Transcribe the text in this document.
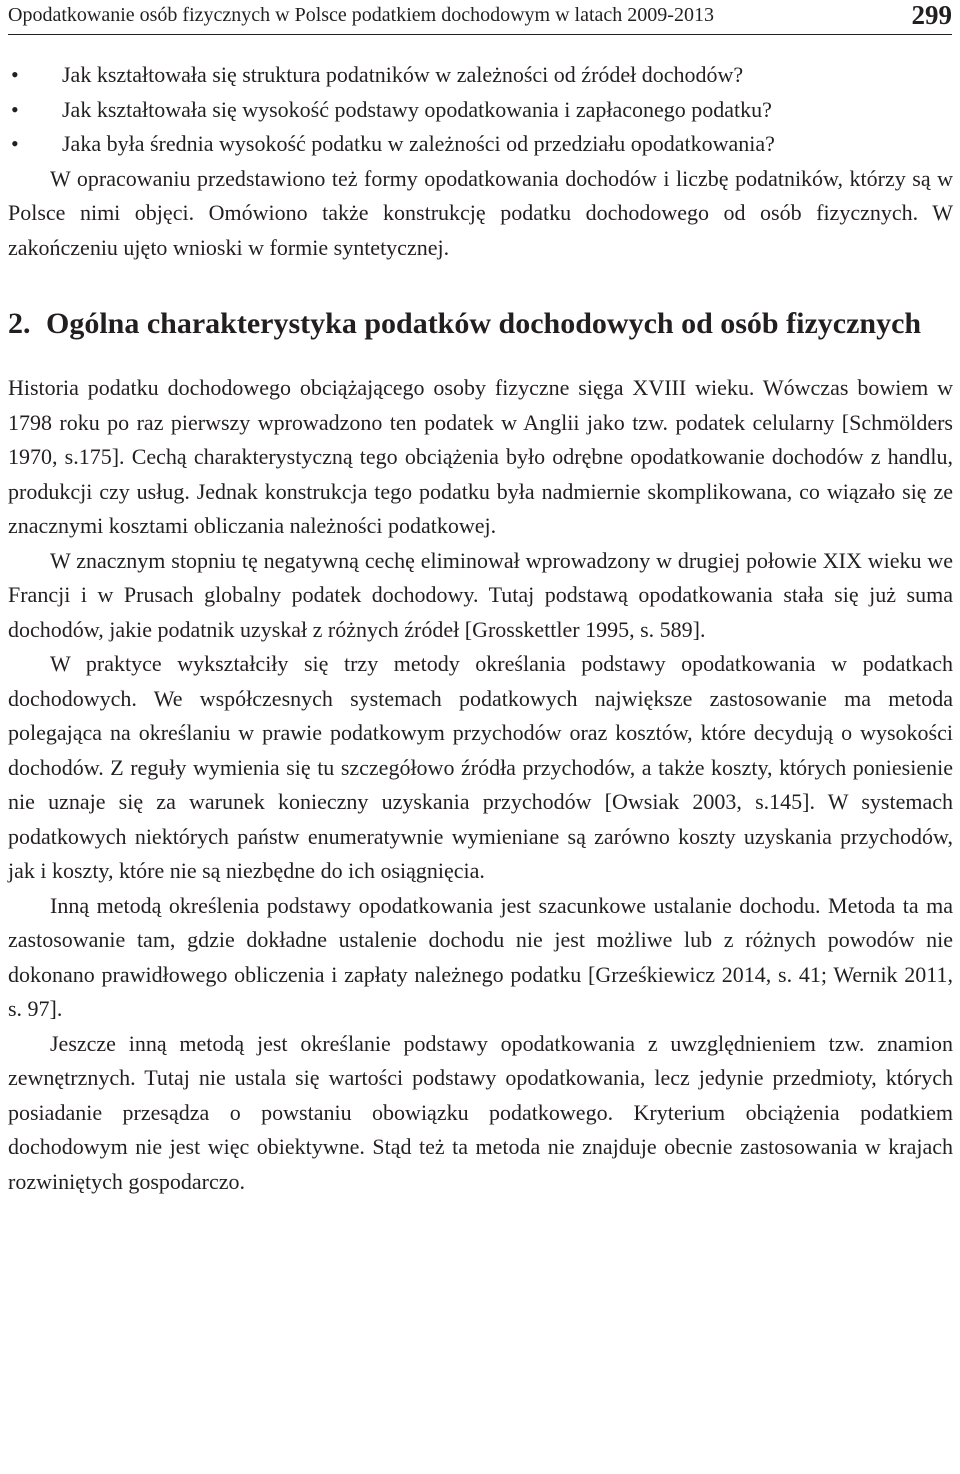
Opodatkowanie osób fizycznych w Polsce podatkiem dochodowym w latach 2009-2013	299
• Jak kształtowała się struktura podatników w zależności od źródeł dochodów?
• Jak kształtowała się wysokość podstawy opodatkowania i zapłaconego podatku?
• Jaka była średnia wysokość podatku w zależności od przedziału opodatkowania?

W opracowaniu przedstawiono też formy opodatkowania dochodów i liczbę podatników, którzy są w Polsce nimi objęci. Omówiono także konstrukcję podatku dochodowego od osób fizycznych. W zakończeniu ujęto wnioski w formie syntetycznej.

2. Ogólna charakterystyka podatków dochodowych od osób fizycznych

Historia podatku dochodowego obciążającego osoby fizyczne sięga XVIII wieku. Wówczas bowiem w 1798 roku po raz pierwszy wprowadzono ten podatek w Anglii jako tzw. podatek celularny [Schmölders 1970, s.175]. Cechą charakterystyczną tego obciążenia było odrębne opodatkowanie dochodów z handlu, produkcji czy usług. Jednak konstrukcja tego podatku była nadmiernie skomplikowana, co wiązało się ze znacznymi kosztami obliczania należności podatkowej.

W znacznym stopniu tę negatywną cechę eliminował wprowadzony w drugiej połowie XIX wieku we Francji i w Prusach globalny podatek dochodowy. Tutaj podstawą opodatkowania stała się już suma dochodów, jakie podatnik uzyskał z różnych źródeł [Grosskettler 1995, s. 589].

W praktyce wykształciły się trzy metody określania podstawy opodatkowania w podatkach dochodowych. We współczesnych systemach podatkowych największe zastosowanie ma metoda polegająca na określaniu w prawie podatkowym przychodów oraz kosztów, które decydują o wysokości dochodów. Z reguły wymienia się tu szczegółowo źródła przychodów, a także koszty, których poniesienie nie uznaje się za warunek konieczny uzyskania przychodów [Owsiak 2003, s.145]. W systemach podatkowych niektórych państw enumeratywnie wymieniane są zarówno koszty uzyskania przychodów, jak i koszty, które nie są niezbędne do ich osiągnięcia.

Inną metodą określenia podstawy opodatkowania jest szacunkowe ustalanie dochodu. Metoda ta ma zastosowanie tam, gdzie dokładne ustalenie dochodu nie jest możliwe lub z różnych powodów nie dokonano prawidłowego obliczenia i zapłaty należnego podatku [Grześkiewicz 2014, s. 41; Wernik 2011, s. 97].

Jeszcze inną metodą jest określanie podstawy opodatkowania z uwzględnieniem tzw. znamion zewnętrznych. Tutaj nie ustala się wartości podstawy opodatkowania, lecz jedynie przedmioty, których posiadanie przesądza o powstaniu obowiązku podatkowego. Kryterium obciążenia podatkiem dochodowym nie jest więc obiektywne. Stąd też ta metoda nie znajduje obecnie zastosowania w krajach rozwiniętych gospodarczo.
